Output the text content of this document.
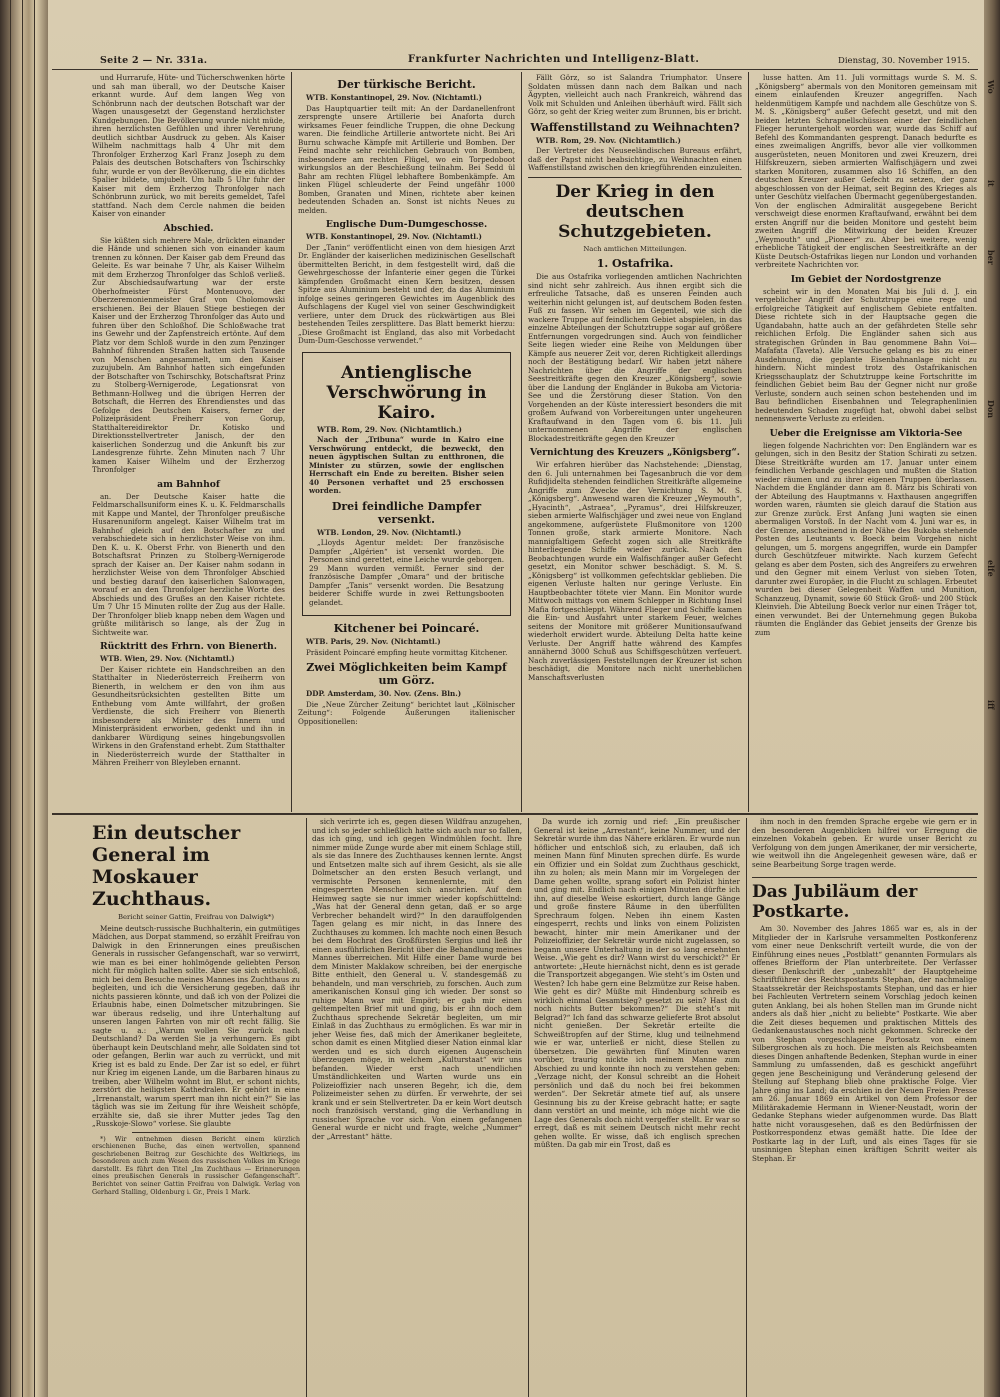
Seite 2 — Nr. 331a.	Frankfurter Nachrichten und Intelligenz-Blatt.	Dienstag, 30. November 1915.

und Hurrarufe, Hüte- und Tücherschwenken hörte und sah man überall, wo der Deutsche Kaiser erkannt wurde. Auf dem langen Weg von Schönbrunn nach der deutschen Botschaft war der Wagen unausgesetzt der Gegenstand herzlichster Kundgebungen. Die Bevölkerung wurde nicht müde, ihren herzlichsten Gefühlen und ihrer Verehrung deutlich sichtbar Ausdruck zu geben. Als Kaiser Wilhelm nachmittags halb 4 Uhr mit dem Thronfolger Erzherzog Karl Franz Joseph zu dem Palais des deutschen Botschafters von Tschirschky fuhr, wurde er von der Bevölkerung, die ein dichtes Spalier bildete, umjubelt. Um halb 5 Uhr fuhr der Kaiser mit dem Erzherzog Thronfolger nach Schönbrunn zurück, wo mit bereits gemeldet, Tafel stattfand. Nach dem Cercle nahmen die beiden Kaiser von einander

Abschied.

Sie küßten sich mehrere Male, drückten einander die Hände und schienen sich von einander kaum trennen zu können. Der Kaiser gab dem Freund das Geleite. Es war beinahe 7 Uhr, als Kaiser Wilhelm mit dem Erzherzog Thronfolger das Schloß verließ. Zur Abschiedsaufwartung war der erste Oberhofmeister Fürst Montenuovo, der Oberzeremonienmeister Graf von Cholomowski erschienen. Bei der Blauen Stiege bestiegen der Kaiser und der Erzherzog Thronfolger das Auto und fuhren über den Schloßhof. Die Schloßwache trat ins Gewehr und der Zapfenstreich ertönte. Auf dem Platz vor dem Schloß wurde in den zum Penzinger Bahnhof führenden Straßen hatten sich Tausende von Menschen angesammelt, um den Kaiser zuzujubeln. Am Bahnhof hatten sich eingefunden der Botschafter von Tschirschky, Botschaftsrat Prinz zu Stolberg-Wernigerode, Legationsrat von Bethmann-Hollweg und die übrigen Herren der Botschaft, die Herren des Ehrendienstes und das Gefolge des Deutschen Kaisers, ferner der Polizeipräsident Freiherr von Gorup, Statthaltereidirektor Dr. Kotisko und Direktionsstellvertreter Janisch, der den kaiserlichen Sonderzug und die Ankunft bis zur Landesgrenze führte. Zehn Minuten nach 7 Uhr kamen Kaiser Wilhelm und der Erzherzog Thronfolger

am Bahnhof

an. Der Deutsche Kaiser hatte die Feldmarschallsuniform eines K. u. K. Feldmarschalls mit Kappe und Mantel, der Thronfolger preußische Husarenuniform angelegt. Kaiser Wilhelm trat im Bahnhof gleich auf den Botschafter zu und verabschiedete sich in herzlichster Weise von ihm. Den K. u. K. Oberst Frhr. von Bienerth und den Botschaftsrat Prinzen zu Stolberg-Wernigerode sprach der Kaiser an. Der Kaiser nahm sodann in herzlichster Weise von dem Thronfolger Abschied und bestieg darauf den kaiserlichen Salonwagen, worauf er an den Thronfolger herzliche Worte des Abschieds und des Grußes an den Kaiser richtete. Um 7 Uhr 15 Minuten rollte der Zug aus der Halle. Der Thronfolger blieb knapp neben dem Wagen und grüßte militärisch so lange, als der Zug in Sichtweite war.

Rücktritt des Frhrn. von Bienerth.

WTB. Wien, 29. Nov. (Nichtamtl.)

Der Kaiser richtete ein Handschreiben an den Statthalter in Niederösterreich Freiherrn von Bienerth, in welchem er den von ihm aus Gesundheitsrücksichten gestellten Bitte um Enthebung vom Amte willfahrt, der großen Verdienste, die sich Freiherr von Bienerth insbesondere als Minister des Innern und Ministerpräsident erworben, gedenkt und ihn in dankbarer Würdigung seines hingebungsvollen Wirkens in den Grafenstand erhebt. Zum Statthalter in Niederösterreich wurde der Statthalter in Mähren Freiherr von Bleyleben ernannt.

Der türkische Bericht.

WTB. Konstantinopel, 29. Nov. (Nichtamtl.)

Das Hauptquartier teilt mit: An der Dardanellenfront zersprengte unsere Artillerie bei Anaforta durch wirksames Feuer feindliche Truppen, die ohne Deckung waren. Die feindliche Artillerie antwortete nicht. Bei Ari Burnu schwache Kämpfe mit Artillerie und Bomben. Der Feind machte sehr reichlichen Gebrauch von Bomben, insbesondere am rechten Flügel, wo ein Torpedoboot wirkungslos an der Beschießung teilnahm. Bei Sedd ül Bahr am rechten Flügel lebhaftere Bombenkämpfe. Am linken Flügel schleuderte der Feind ungefähr 1000 Bomben, Granaten und Minen, richtete aber keinen bedeutenden Schaden an. Sonst ist nichts Neues zu melden.

Englische Dum-Dumgeschosse.

WTB. Konstantinopel, 29. Nov. (Nichtamtl.)

Der „Tanin“ veröffentlicht einen von dem hiesigen Arzt Dr. Engländer der kaiserlichen medizinischen Gesellschaft übermittelten Bericht, in dem festgestellt wird, daß die Gewehrgeschosse der Infanterie einer gegen die Türkei kämpfenden Großmacht einen Kern besitzen, dessen Spitze aus Aluminium besteht und der, da das Aluminium infolge seines geringeren Gewichtes im Augenblick des Aufschlagens der Kugel viel von seiner Geschwindigkeit verliere, unter dem Druck des rückwärtigen aus Blei bestehenden Teiles zersplittere. Das Blatt bemerkt hierzu: „Diese Großmacht ist England, das also mit Vorbedacht Dum-Dum-Geschosse verwendet.“

Antienglische Verschwörung in Kairo.

WTB. Rom, 29. Nov. (Nichtamtlich.)

Nach der „Tribuna“ wurde in Kairo eine Verschwörung entdeckt, die bezweckt, den neuen ägyptischen Sultan zu entthronen, die Minister zu stürzen, sowie der englischen Herrschaft ein Ende zu bereiten. Bisher seien 40 Personen verhaftet und 25 erschossen worden.

Drei feindliche Dampfer versenkt.

WTB. London, 29. Nov. (Nichtamtl.)

„Lloyds Agentur meldet: Der französische Dampfer „Algérien“ ist versenkt worden. Die Personen sind gerettet, eine Leiche wurde geborgen. 29 Mann wurden vermißt. Ferner sind der französische Dampfer „Omara“ und der britische Dampfer „Tanis“ versenkt worden. Die Besatzung beiderer Schiffe wurde in zwei Rettungsbooten gelandet.

Kitchener bei Poincaré.

WTB. Paris, 29. Nov. (Nichtamtl.)

Präsident Poincaré empfing heute vormittag Kitchener.

Zwei Möglichkeiten beim Kampf um Görz.

DDP. Amsterdam, 30. Nov. (Zens. Bln.)

Die „Neue Zürcher Zeitung“ berichtet laut „Kölnischer Zeitung“: Folgende Äußerungen italienischer Oppositionellen:

Fällt Görz, so ist Salandra Triumphator. Unsere Soldaten müssen dann nach dem Balkan und nach Ägypten, vielleicht auch nach Frankreich, während das Volk mit Schulden und Anleihen überhäuft wird. Fällt sich Görz, so geht der Krieg weiter zum Brunnen, bis er bricht.

Waffenstillstand zu Weihnachten?

WTB. Rom, 29. Nov. (Nichtamtlich.)

Der Vertreter des Neuseeländischen Bureaus erfährt, daß der Papst nicht beabsichtige, zu Weihnachten einen Waffenstillstand zwischen den kriegführenden einzuleiten.

Der Krieg in den deutschen Schutzgebieten.
Nach amtlichen Mitteilungen.
1. Ostafrika.

Die aus Ostafrika vorliegenden amtlichen Nachrichten sind nicht sehr zahlreich. Aus ihnen ergibt sich die erfreuliche Tatsache, daß es unseren Feinden auch weiterhin nicht gelungen ist, auf deutschem Boden festen Fuß zu fassen. Wir sehen im Gegenteil, wie sich die wackere Truppe auf feindlichem Gebiet abspielen, in das einzelne Abteilungen der Schutztruppe sogar auf größere Entfernungen vorgedrungen sind. Auch von feindlicher Seite liegen wieder eine Reihe von Meldungen über Kämpfe aus neuerer Zeit vor, deren Richtigkeit allerdings noch der Bestätigung bedarf. Wir haben jetzt nähere Nachrichten über die Angriffe der englischen Seestreitkräfte gegen den Kreuzer „Königsberg“, sowie über die Landung der Engländer in Bukoba am Victoria-See und die Zerstörung dieser Station. Von den Vorgehenden an der Küste interessiert besonders die mit großem Aufwand von Vorbereitungen unter ungeheuren Kraftaufwand in den Tagen vom 6. bis 11. Juli unternommenen Angriffe der englischen Blockadestreitkräfte gegen den Kreuzer

Vernichtung des Kreuzers „Königsberg“.

Wir erfahren hierüber das Nachstehende: „Dienstag, den 6. Juli unternahmen bei Tagesanbruch die vor dem Rufidjidelta stehenden feindlichen Streitkräfte allgemeine Angriffe zum Zwecke der Vernichtung S. M. S. „Königsberg“. Anwesend waren die Kreuzer „Weymouth“, „Hyacinth“, „Astraea“, „Pyramus“, drei Hilfskreuzer, sieben armierte Walfischjäger und zwei neue von England angekommene, aufgerüstete Flußmonitore von 1200 Tonnen große, stark armierte Monitore. Nach mannigfaltigem Gefecht zogen sich alle Streitkräfte hinterliegende Schiffe wieder zurück. Nach den Beobachtungen wurde ein Walfischfänger außer Gefecht gesetzt, ein Monitor schwer beschädigt. S. M. S. „Königsberg“ ist vollkommen gefechtsklar geblieben. Die eigenen Verluste halten nur geringe Verluste. Ein Hauptbeobachter tötete vier Mann. Ein Monitor wurde Mittwoch mittags von einem Schlepper in Richtung Insel Mafia fortgeschleppt. Während Flieger und Schiffe kamen die Ein- und Ausfahrt unter starkem Feuer, welches seitens der Monitore mit größerer Munitionsaufwand wiederholt erwidert wurde. Abteilung Delta hatte keine Verluste. Der Angriff hatte während des Kampfes annähernd 3000 Schuß aus Schiffsgeschützen verfeuert. Nach zuverlässigen Feststellungen der Kreuzer ist schon beschädigt, die Monitore nach nicht unerheblichen Manschaftsverlusten

lusse hatten. Am 11. Juli vormittags wurde S. M. S. „Königsberg“ abermals von den Monitoren gemeinsam mit einem einlaufenden Kreuzer angegriffen. Nach heldenmütigem Kampfe und nachdem alle Geschütze von S. M. S. „Königsberg“ außer Gefecht gesetzt, und mit den beiden letzten Schrapnellschüssen einer der feindlichen Flieger heruntergeholt worden war, wurde das Schiff auf Befehl des Kommandanten gesprengt. Danach bedurfte es eines zweimaligen Angriffs, bevor alle vier vollkommen ausgerüsteten, neuen Monitoren und zwei Kreuzern, drei Hilfskreuzern, sieben armierten Walfischjägern und zwei starken Monitoren, zusammen also 16 Schiffen, an den deutschen Kreuzer außer Gefecht zu setzen, der ganz abgeschlossen von der Heimat, seit Beginn des Krieges als unter Geschütz vielfachen Übermacht gegenübergestanden. Von der englischen Admiralität ausgegebene Bericht verschweigt diese enormen Kraftaufwand, erwähnt bei dem ersten Angriff nur die beiden Monitore und gesteht beim zweiten Angriff die Mitwirkung der beiden Kreuzer „Weymouth“ und „Pioneer“ zu. Aber bei weitere, wenig erhebliche Tätigkeit der englischen Seestreitkräfte an der Küste Deutsch-Ostafrikas liegen nur London und vorhanden verbreitete Nachrichten vor.

Im Gebiet der Nordostgrenze

scheint wir in den Monaten Mai bis Juli d. J. ein vergeblicher Angriff der Schutztruppe eine rege und erfolgreiche Tätigkeit auf englischem Gebiete entfalten. Diese richtete sich in der Hauptsache gegen die Ugandabahn, hatte auch an der gefährdeten Stelle sehr reichlichen Erfolg. Die Engländer sahen sich aus strategischen Gründen in Bau genommene Bahn Voi—Mafafata (Taveta). Alle Versuche gelang es bis zu einer Ausdehnung, die geplante Eisenbahnanlage nicht zu hindern. Nicht mindest trotz des Ostafrikanischen Kriegsschauplatz der Schutztruppe keine Fortschritte im feindlichen Gebiet beim Bau der Gegner nicht nur große Verluste, sondern auch seinen schon bestehenden und im Bau befindlichen Eisenbahnen und Telegraphenlinien bedeutenden Schaden zugefügt hat, obwohl dabei selbst nennenswerte Verluste zu erleiden.

Ueber die Ereignisse am Viktoria-See

liegen folgende Nachrichten vor: Den Engländern war es gelungen, sich in den Besitz der Station Schirati zu setzen. Diese Streitkräfte wurden am 17. Januar unter einem feindlichen Verbande geschlagen und mußten die Station wieder räumen und zu ihrer eigenen Truppen überlassen. Nachdem die Engländer dann am 8. März bis Schirati von der Abteilung des Hauptmanns v. Haxthausen angegriffen worden waren, räumten sie gleich darauf die Station aus zur Grenze zurück. Erst Anfang Juni wagten sie einen abermaligen Vorstoß. In der Nacht vom 4. Juni war es, in der Grenze, anscheinend in der Nähe des Bukoba stehende Posten des Leutnants v. Boeck beim Vorgehen nicht gelungen, um 5. morgens angegriffen, wurde ein Dampfer durch Geschützfeuer mitwirkte. Nach kurzem Gefecht gelang es aber dem Posten, sich des Angreifers zu erwehren und den Gegner mit einem Verlust von sieben Toten, darunter zwei Europäer, in die Flucht zu schlagen. Erbeutet wurden bei dieser Gelegenheit Waffen und Munition, Schanzzeug, Dynamit, sowie 60 Stück Groß- und 200 Stück Kleinvieh. Die Abteilung Boeck verlor nur einen Träger tot, einen verwundet. Bei der Unternehmung gegen Bukoba räumten die Engländer das Gebiet jenseits der Grenze bis zum

Ein deutscher General im Moskauer Zuchthaus.
Bericht seiner Gattin, Freifrau von Dalwigk*)

Meine deutsch-russische Buchhalterin, ein gutmütiges Mädchen, aus Dorpat stammend, so erzählt Freifrau von Dalwigk in den Erinnerungen eines preußischen Generals in russischer Gefangenschaft, war so verwirrt, wie man es bei einer hohlmögende geliebten Person nicht für möglich halten sollte. Aber sie sich entschloß, mich bei dem Besuche meines Mannes ins Zuchthaus zu begleiten, und ich die Versicherung gegeben, daß ihr nichts passieren könnte, und daß ich von der Polizei die Erlaubnis habe, einen Dolmetscher mitzubringen. Sie war überaus redselig, und ihre Unterhaltung auf unseren langen Fahrten von mir oft recht fällig. Sie sagte u. a.: „Warum wollen Sie zurück nach Deutschland? Da werden Sie ja verhungern. Es gibt überhaupt kein Deutschland mehr, alle Soldaten sind tot oder gefangen, Berlin war auch zu verrückt, und mit Krieg ist es bald zu Ende. Der Zar ist so edel, er führt nur Krieg im eigenen Lande, um die Barbaren hinaus zu treiben, aber Wilhelm wohnt im Blut, er schont nichts, zerstört die heiligsten Kathedralen. Er gehört in eine „Irrenanstalt, warum sperrt man ihn nicht ein?“ Sie las täglich was sie im Zeitung für ihre Weisheit schöpfe, erzählte sie, daß sie ihrer Mutter jedes Tag den „Russkoje-Slowo“ vorlese. Sie glaubte

*) Wir entnehmen diesen Bericht einem kürzlich erschienenen Buche, das einen wertvollen, spannend geschriebenen Beitrag zur Geschichte des Weltkriegs, im besonderen auch zum Wesen des russischen Volkes im Kriege darstellt. Es führt den Titel „Im Zuchthaus — Erinnerungen eines preußischen Generals in russischer Gefangenschaft“. Berichtet von seiner Gattin Freifrau von Dalwigk. Verlag von Gerhard Stalling, Oldenburg i. Gr., Preis 1 Mark.

sich verirrte ich es, gegen diesen Wildfrau anzugehen, und ich so jeder schließlich hatte sich auch nur so fallen, das ich ging, und ich gegen Windmühlen focht. Ihre nimmer müde Zunge wurde aber mit einem Schlage still, als sie das Innere des Zuchthauses kennen lernte. Angst und Entsetzen malte sich auf ihrem Gesicht, als sie alle Dolmetscher an den ersten Besuch verlangt, und vermischte Personen kennenlernte, mit den eingesperrten Menschen sich anschrien. Auf dem Heimweg sagte sie nur immer wieder kopfschüttelnd: „Was hat der General denn getan, daß er so arge Verbrecher behandelt wird?“ In den darauffolgenden Tagen gelang es mir nicht, in das Innere des Zuchthauses zu kommen. Ich machte noch einen Besuch bei dem Hochrat des Großfürsten Sergius und ließ ihr einen ausführlichen Bericht über die Behandlung meines Mannes überreichen. Mit Hilfe einer Dame wurde bei dem Minister Maklakow schreiben, bei der energische Bitte enthielt, den General u. V. standesgemäß zu behandeln, und man verschrieb, zu forschen. Auch zum amerikanischen Konsul ging ich wieder. Der sonst so ruhige Mann war mit Empört; er gab mir einen geltempelten Brief mit und ging, bis er ihn doch dem Zuchthaus sprechende Sekretär begleiten, um mir Einlaß in das Zuchthaus zu ermöglichen. Es war mir in jeher Weise fies, daß mich der Amerikaner begleitete, schon damit es einen Mitglied dieser Nation einmal klar werden und es sich durch eigenen Augenschein überzeugen möge, in welchem „Kulturstaat“ wir uns befanden. Wieder erst nach unendlichen Umständlichkeiten und Warten wurde uns ein Polizeioffizier nach unseren Begehr, ich die, dem Polizeimeister sehen zu dürfen. Er verwehrte, der sei krank und er sein Stellvertreter. Da er kein Wort deutsch noch französisch verstand, ging die Verhandlung in russischer Sprache vor sich. Von einem gefangenen General wurde er nicht und fragte, welche „Nummer“ der „Arrestant“ hätte.

Da wurde ich zornig und rief: „Ein preußischer General ist keine „Arrestant“, keine Nummer, und der Sekretär wurde ihm das Nähere erklären. Er wurde nun höflicher und entschloß sich, zu erlauben, daß ich meinen Mann fünf Minuten sprechen dürfe. Es wurde ein Offizier und ein Soldat zum Zuchthaus geschickt, ihn zu holen; als mein Mann mir im Vorgelegen der Dame gehen wollte, sprang sofort ein Polizist hinter und ging mit. Endlich nach einigen Minuten dürfte ich ihn, auf dieselbe Weise eskortiert, durch lange Gänge und große finstere Räume in den überfüllten Sprechraum folgen. Neben ihn einem Kasten eingesperrt, rechts und links von einem Polizisten bewacht, hinter mir mein Amerikaner und der Polizeioffizier, der Sekretär wurde nicht zugelassen, so begann unsere Unterhaltung in der so lang ersehnten Weise. „Wie geht es dir? Wann wirst du verschickt?“ Er antwortete: „Heute hiernächst nicht, denn es ist gerade die Transportzeit abgegangen. Wie steht’s im Osten und Westen? Ich habe gern eine Belzmütze zur Reise haben. Wie geht es dir? Müßte mit Hindenburg schreib es wirklich einmal Gesamtsieg? gesetzt zu sein? Hast du noch nichts Butter bekommen?“ Die steht’s mit Belgrad?“ Ich fand das schwarze gelieferte Brot absolut nicht genießen. Der Sekretär erteilte die Schweißtropfen auf der Stirne, klug und teilnehmend wie er war, unterließ er nicht, diese Stellen zu übersetzen. Die gewährten fünf Minuten waren vorüber, traurig nickte ich meinem Manne zum Abschied zu und konnte ihn noch zu verstehen geben: „Verzage nicht, der Konsul schreibt an die Hoheit persönlich und daß du noch bei frei bekommen werden“. Der Sekretär atmete tief auf, als unsere Gesinnung bis zu der Kreise gebracht hatte; er sagte dann verstört an und meinte, ich möge nicht wie die Lage des Generals doch nicht vergeffer stellt. Er war so erregt, daß es mit seinem Deutsch nicht mehr recht gehen wollte. Er wisse, daß ich englisch sprechen müßten. Da gab mir ein Trost, daß es

ihm noch in den fremden Sprache ergebe wie gern er in den besonderen Augenblicken hilfrei vor Erregung die einzelnen Vokabeln geben. Er wurde unser Bericht zu Verfolgung von dem jungen Amerikaner, der mir versicherte, wie weitwoll ihn die Angelegenheit gewesen wäre, daß er seine Bearbeitung Sorge tragen werde.

Das Jubiläum der Postkarte.

Am 30. November des Jahres 1865 war es, als in der Mitglieder der in Karlsruhe versammelten Postkonferenz vom einer neue Denkschrift verteilt wurde, die von der Einführung eines neues „Postblatt“ genannten Formulars als offenes Briefform der Plan unterbreitete. Der Verfasser dieser Denkschrift der „unbezahlt“ der Hauptgeheime Schriftführer des Rechtspostamts Stephan, der nachmalige Staatssekretär der Reichspostamts Stephan, und das er hier bei Fachleuten Vertretern seinem Vorschlag jedoch keinen guten Anklang, bei als hohen Stellen man im Grunde nicht anders als daß hier „nicht zu beliebte“ Postkarte. Wie aber die Zeit dieses bequemen und praktischen Mittels des Gedankenaustausches noch nicht gekommen. Schrecke der von Stephan vorgeschlagene Portosatz von einem Silbergroschen als zu hoch. Die meisten als Reichsbeamten dieses Dingen anhaftende Bedenken, Stephan wurde in einer Sammlung zu umfassenden, daß es geschickt angeführt gegen jene Bescheinigung und Veränderung gelesend der Stellung auf Stephang blieb ohne praktische Folge. Vier Jahre ging ins Land; da erschien in der Neuen Freien Presse am 26. Januar 1869 ein Artikel von dem Professor der Militärakademie Hermann in Wiener-Neustadt, worin der Gedanke Stephans wieder aufgenommen wurde. Das Blatt hatte nicht vorausgesehen, daß es den Bedürfnissen der Postkorrespondenz etwas gemäßt hatte. Die Idee der Postkarte lag in der Luft, und als eines Tages für sie unsinnigen Stephan einen kräftigen Schritt weiter als Stephan. Er

Wo
it
ber
Don
elfe
iff
